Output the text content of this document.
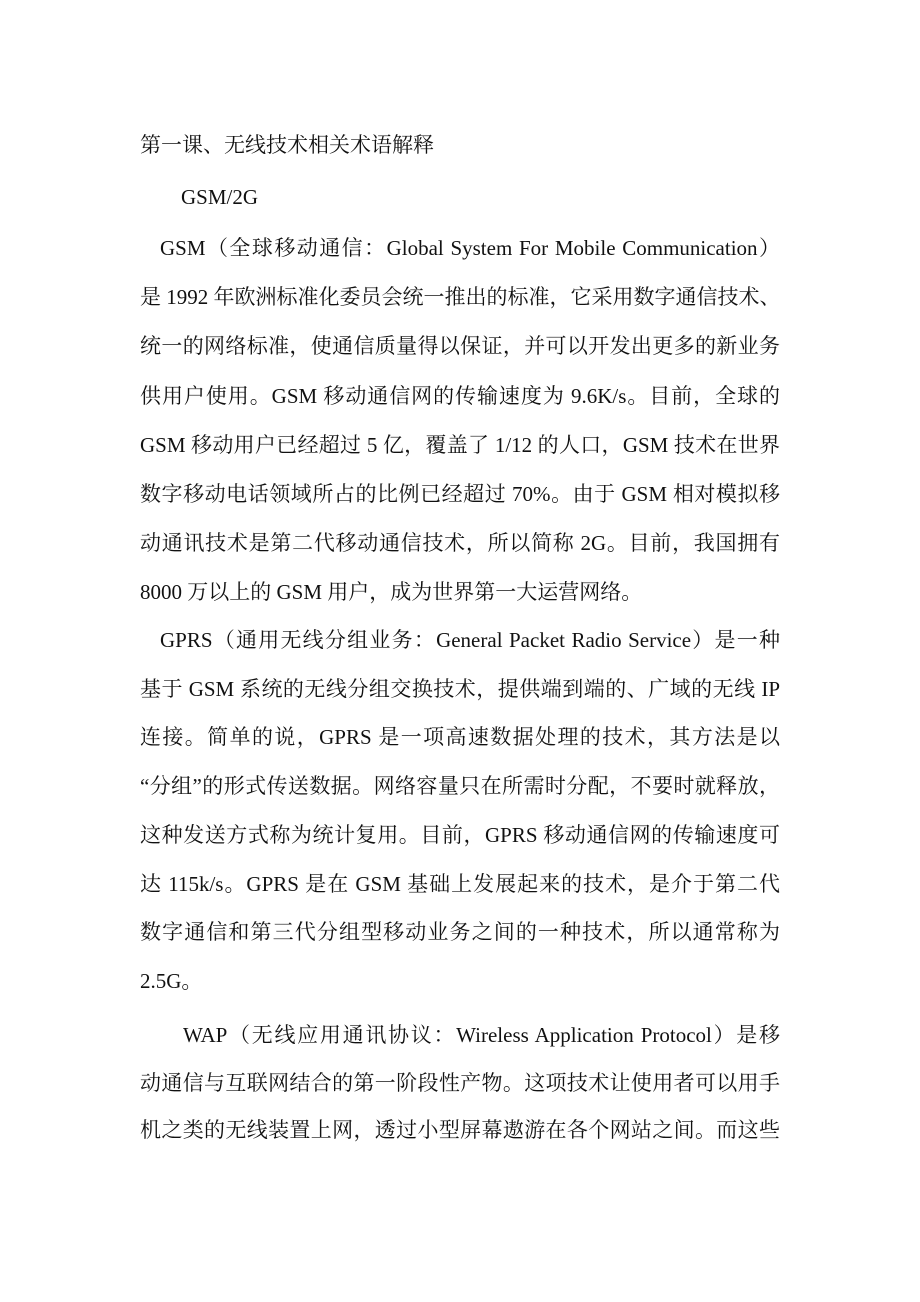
第一课、无线技术相关术语解释
GSM/2G
GSM（全球移动通信：Global System For Mobile Communication）
是 1992 年欧洲标准化委员会统一推出的标准，它采用数字通信技术、
统一的网络标准，使通信质量得以保证，并可以开发出更多的新业务
供用户使用。GSM 移动通信网的传输速度为 9.6K/s。目前，全球的
GSM 移动用户已经超过 5 亿，覆盖了 1/12 的人口，GSM 技术在世界
数字移动电话领域所占的比例已经超过 70%。由于 GSM 相对模拟移
动通讯技术是第二代移动通信技术，所以简称 2G。目前，我国拥有
8000 万以上的 GSM 用户，成为世界第一大运营网络。
GPRS（通用无线分组业务：General Packet Radio Service）是一种
基于 GSM 系统的无线分组交换技术，提供端到端的、广域的无线 IP
连接。简单的说，GPRS 是一项高速数据处理的技术，其方法是以
“分组”的形式传送数据。网络容量只在所需时分配，不要时就释放，
这种发送方式称为统计复用。目前，GPRS 移动通信网的传输速度可
达 115k/s。GPRS 是在 GSM 基础上发展起来的技术，是介于第二代
数字通信和第三代分组型移动业务之间的一种技术，所以通常称为
2.5G。
WAP（无线应用通讯协议：Wireless Application Protocol）是移
动通信与互联网结合的第一阶段性产物。这项技术让使用者可以用手
机之类的无线装置上网，透过小型屏幕遨游在各个网站之间。而这些
